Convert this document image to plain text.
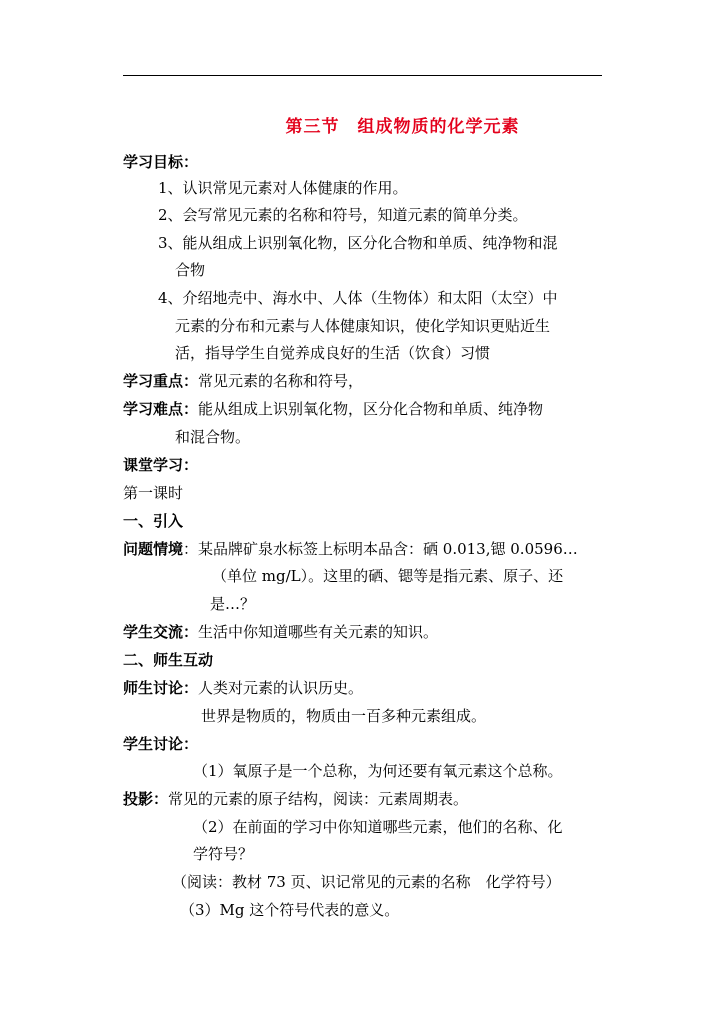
第三节　组成物质的化学元素
学习目标：
1、认识常见元素对人体健康的作用。
2、会写常见元素的名称和符号，知道元素的简单分类。
3、能从组成上识别氧化物，区分化合物和单质、纯净物和混
合物
4、介绍地壳中、海水中、人体（生物体）和太阳（太空）中
元素的分布和元素与人体健康知识，使化学知识更贴近生
活，指导学生自觉养成良好的生活（饮食）习惯
学习重点：常见元素的名称和符号，
学习难点：能从组成上识别氧化物，区分化合物和单质、纯净物
和混合物。
课堂学习：
第一课时
一、引入
问题情境：某品牌矿泉水标签上标明本品含：硒 0.013,锶 0.0596…
（单位 mg/L）。这里的硒、锶等是指元素、原子、还
是…？
学生交流：生活中你知道哪些有关元素的知识。
二、师生互动
师生讨论：人类对元素的认识历史。
世界是物质的，物质由一百多种元素组成。
学生讨论：
（1）氧原子是一个总称，为何还要有氧元素这个总称。
投影：常见的元素的原子结构，阅读：元素周期表。
（2）在前面的学习中你知道哪些元素，他们的名称、化
学符号？
（阅读：教材 73 页、识记常见的元素的名称　化学符号）
（3）Mg 这个符号代表的意义。
